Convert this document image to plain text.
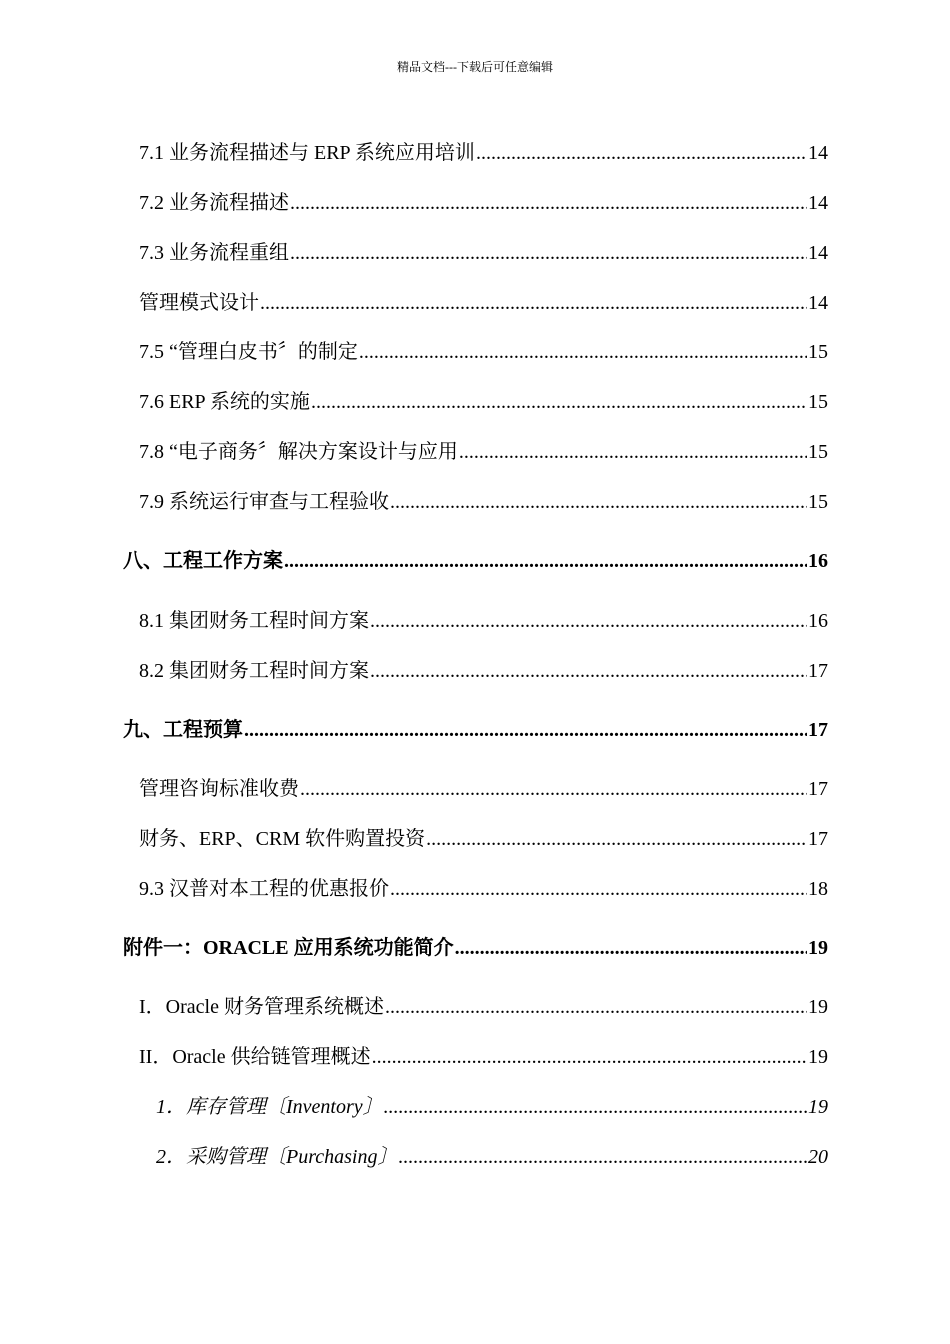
精品文档---下载后可任意编辑
7.1 业务流程描述与 ERP 系统应用培训 .....	14
7.2 业务流程描述 .....	14
7.3 业务流程重组 .....	14
管理模式设计 .....	14
7.5 “管理白皮书〞的制定 .....	15
7.6 ERP 系统的实施 .....	15
7.8 “电子商务〞解决方案设计与应用 .....	15
7.9 系统运行审查与工程验收 .....	15
八、工程工作方案 .....	16
8.1 集团财务工程时间方案 .....	16
8.2 集团财务工程时间方案 .....	17
九、工程预算 .....	17
管理咨询标准收费 .....	17
财务、ERP、CRM 软件购置投资 .....	17
9.3 汉普对本工程的优惠报价 .....	18
附件一：ORACLE 应用系统功能简介 .....	19
I．Oracle 财务管理系统概述 .....	19
II．Oracle 供给链管理概述 .....	19
1．库存管理〔Inventory〕 .....	19
2．采购管理〔Purchasing〕 .....	20
